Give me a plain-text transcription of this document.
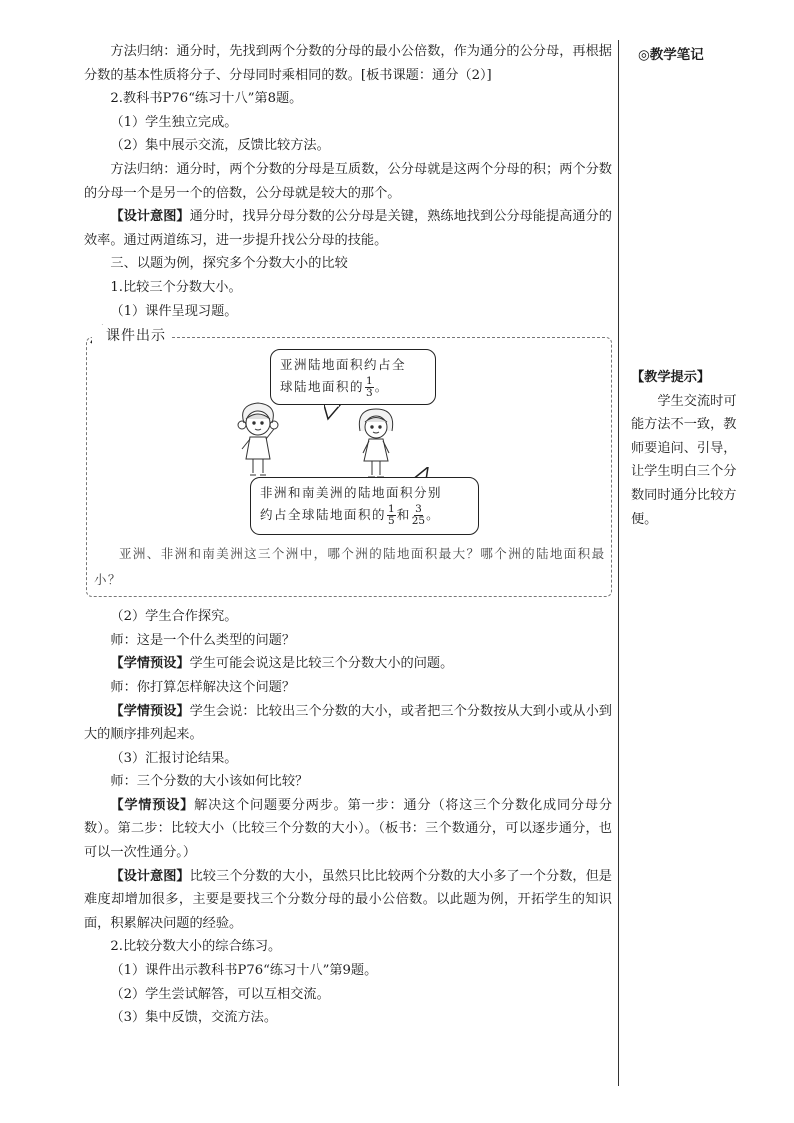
方法归纳：通分时，先找到两个分数的分母的最小公倍数，作为通分的公分母，再根据分数的基本性质将分子、分母同时乘相同的数。[板书课题：通分（2）]

2.教科书P76“练习十八”第8题。

（1）学生独立完成。

（2）集中展示交流，反馈比较方法。

方法归纳：通分时，两个分数的分母是互质数，公分母就是这两个分母的积；两个分数的分母一个是另一个的倍数，公分母就是较大的那个。

【设计意图】通分时，找异分母分数的公分母是关键，熟练地找到公分母能提高通分的效率。通过两道练习，进一步提升找公分母的技能。

三、以题为例，探究多个分数大小的比较

1.比较三个分数大小。

（1）课件呈现习题。

课件出示
亚洲陆地面积约占全
球陆地面积的 $\frac{1}{3}$ 。
非洲和南美洲的陆地面积分别
约占全球陆地面积的 $\frac{1}{5}$ 和 $\frac{3}{25}$ 。
亚洲、非洲和南美洲这三个洲中，哪个洲的陆地面积最大？哪个洲的陆地面积最小？

（2）学生合作探究。

师：这是一个什么类型的问题？

【学情预设】学生可能会说这是比较三个分数大小的问题。

师：你打算怎样解决这个问题？

【学情预设】学生会说：比较出三个分数的大小，或者把三个分数按从大到小或从小到大的顺序排列起来。

（3）汇报讨论结果。

师：三个分数的大小该如何比较？

【学情预设】解决这个问题要分两步。第一步：通分（将这三个分数化成同分母分数）。第二步：比较大小（比较三个分数的大小）。（板书：三个数通分，可以逐步通分，也可以一次性通分。）

【设计意图】比较三个分数的大小，虽然只比比较两个分数的大小多了一个分数，但是难度却增加很多，主要是要找三个分数分母的最小公倍数。以此题为例，开拓学生的知识面，积累解决问题的经验。

2.比较分数大小的综合练习。

（1）课件出示教科书P76“练习十八”第9题。

（2）学生尝试解答，可以互相交流。

（3）集中反馈，交流方法。

◎教学笔记

【教学提示】

学生交流时可能方法不一致，教师要追问、引导，让学生明白三个分数同时通分比较方便。
